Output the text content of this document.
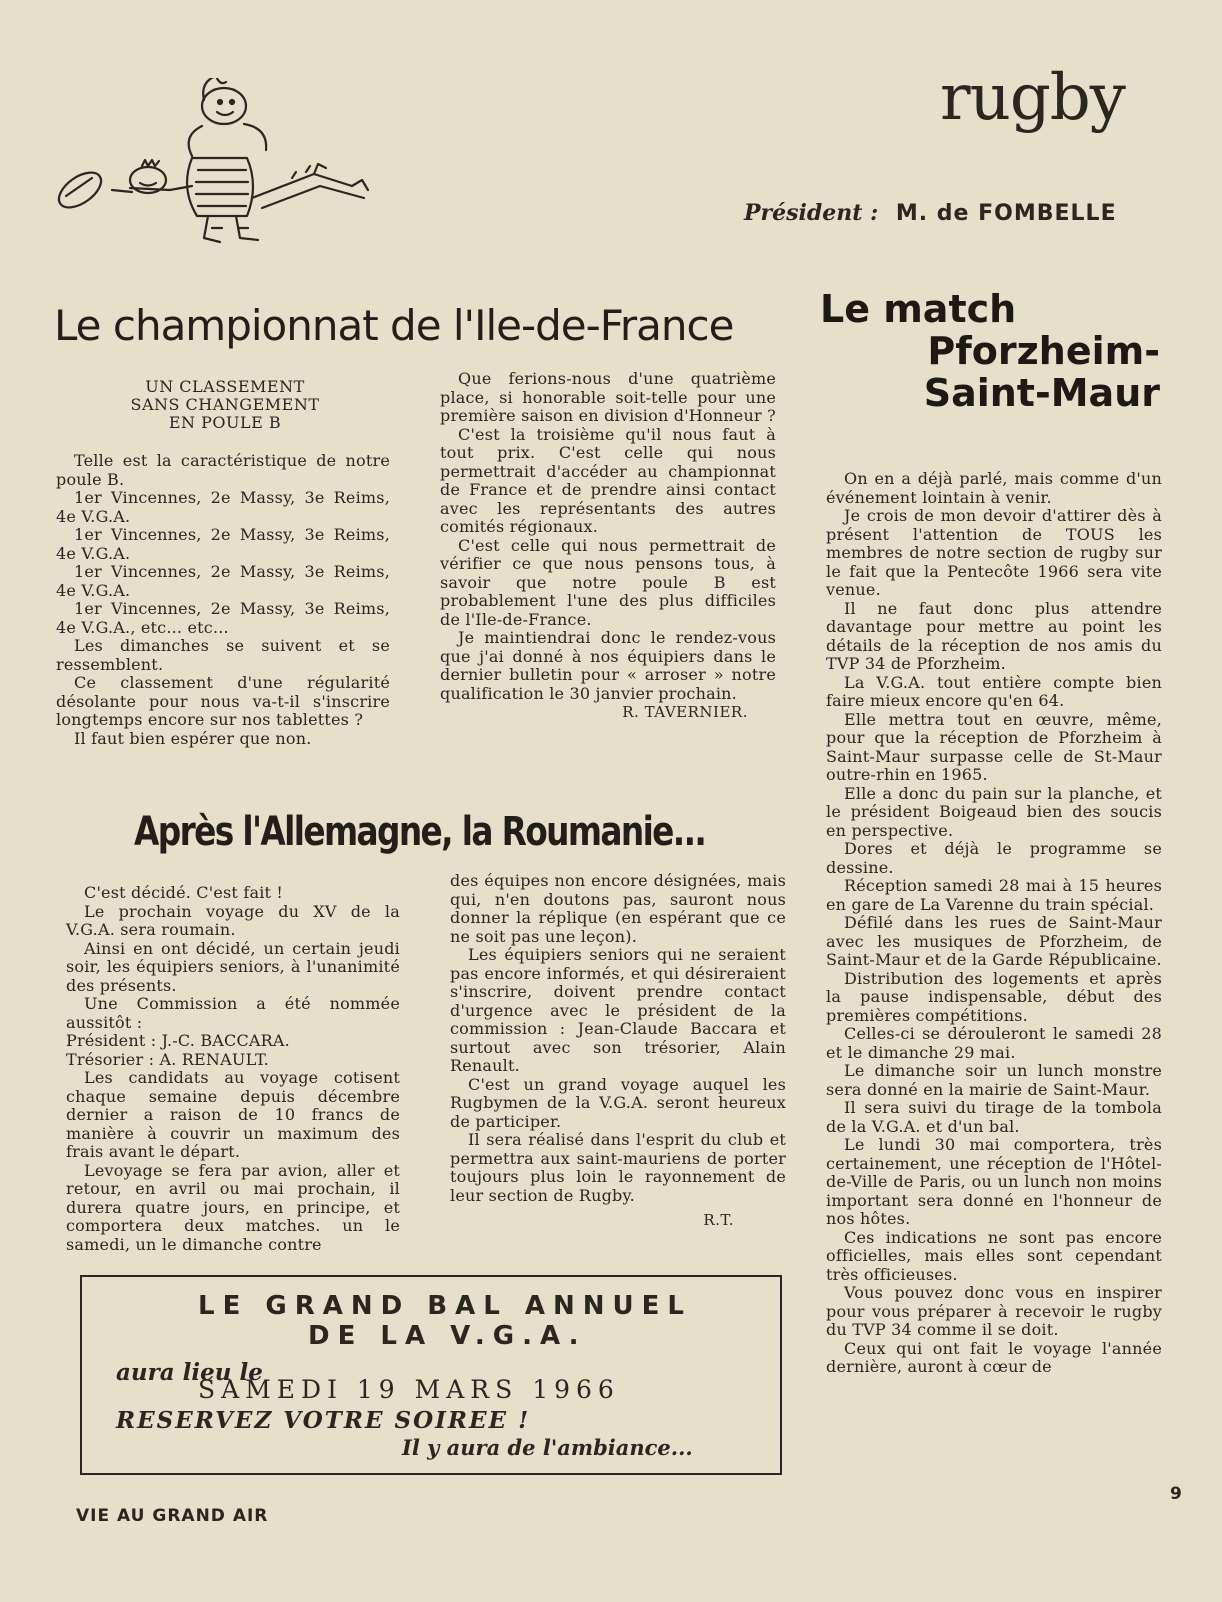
rugby
Président : M. de FOMBELLE
Le championnat de l'Ile-de-France
UN CLASSEMENT
SANS CHANGEMENT
EN POULE B

Telle est la caractéristique de notre poule B.

1er Vincennes, 2e Massy, 3e Reims, 4e V.G.A.

1er Vincennes, 2e Massy, 3e Reims, 4e V.G.A.

1er Vincennes, 2e Massy, 3e Reims, 4e V.G.A.

1er Vincennes, 2e Massy, 3e Reims, 4e V.G.A., etc... etc...

Les dimanches se suivent et se ressemblent.

Ce classement d'une régularité désolante pour nous va-t-il s'inscrire longtemps encore sur nos tablettes ?

Il faut bien espérer que non.

Que ferions-nous d'une quatrième place, si honorable soit-telle pour une première saison en division d'Honneur ?

C'est la troisième qu'il nous faut à tout prix. C'est celle qui nous permettrait d'accéder au championnat de France et de prendre ainsi contact avec les représentants des autres comités régionaux.

C'est celle qui nous permettrait de vérifier ce que nous pensons tous, à savoir que notre poule B est probablement l'une des plus difficiles de l'Ile-de-France.

Je maintiendrai donc le rendez-vous que j'ai donné à nos équipiers dans le dernier bulletin pour « arroser » notre qualification le 30 janvier prochain.

R. TAVERNIER.
Après l'Allemagne, la Roumanie...

C'est décidé. C'est fait !

Le prochain voyage du XV de la V.G.A. sera roumain.

Ainsi en ont décidé, un certain jeudi soir, les équipiers seniors, à l'unanimité des présents.

Une Commission a été nommée aussitôt :

Président : J.-C. BACCARA.

Trésorier : A. RENAULT.

Les candidats au voyage cotisent chaque semaine depuis décembre dernier a raison de 10 francs de manière à couvrir un maximum des frais avant le départ.

Levoyage se fera par avion, aller et retour, en avril ou mai prochain, il durera quatre jours, en principe, et comportera deux matches. un le samedi, un le dimanche contre

des équipes non encore désignées, mais qui, n'en doutons pas, sauront nous donner la réplique (en espérant que ce ne soit pas une leçon).

Les équipiers seniors qui ne seraient pas encore informés, et qui désireraient s'inscrire, doivent prendre contact d'urgence avec le président de la commission : Jean-Claude Baccara et surtout avec son trésorier, Alain Renault.

C'est un grand voyage auquel les Rugbymen de la V.G.A. seront heureux de participer.

Il sera réalisé dans l'esprit du club et permettra aux saint-mauriens de porter toujours plus loin le rayonnement de leur section de Rugby.

R.T.
Le match
Pforzheim-
Saint-Maur

On en a déjà parlé, mais comme d'un événement lointain à venir.

Je crois de mon devoir d'attirer dès à présent l'attention de TOUS les membres de notre section de rugby sur le fait que la Pentecôte 1966 sera vite venue.

Il ne faut donc plus attendre davantage pour mettre au point les détails de la réception de nos amis du TVP 34 de Pforzheim.

La V.G.A. tout entière compte bien faire mieux encore qu'en 64.

Elle mettra tout en œuvre, même, pour que la réception de Pforzheim à Saint-Maur surpasse celle de St-Maur outre-rhin en 1965.

Elle a donc du pain sur la planche, et le président Boigeaud bien des soucis en perspective.

Dores et déjà le programme se dessine.

Réception samedi 28 mai à 15 heures en gare de La Varenne du train spécial.

Défilé dans les rues de Saint-Maur avec les musiques de Pforzheim, de Saint-Maur et de la Garde Républicaine.

Distribution des logements et après la pause indispensable, début des premières compétitions.

Celles-ci se dérouleront le samedi 28 et le dimanche 29 mai.

Le dimanche soir un lunch monstre sera donné en la mairie de Saint-Maur.

Il sera suivi du tirage de la tombola de la V.G.A. et d'un bal.

Le lundi 30 mai comportera, très certainement, une réception de l'Hôtel-de-Ville de Paris, ou un lunch non moins important sera donné en l'honneur de nos hôtes.

Ces indications ne sont pas encore officielles, mais elles sont cependant très officieuses.

Vous pouvez donc vous en inspirer pour vous préparer à recevoir le rugby du TVP 34 comme il se doit.

Ceux qui ont fait le voyage l'année dernière, auront à cœur de

LE GRAND BAL ANNUEL
DE LA V.G.A.
aura lieu le
SAMEDI 19 MARS 1966
RESERVEZ VOTRE SOIREE !
Il y aura de l'ambiance...
VIE AU GRAND AIR
9
